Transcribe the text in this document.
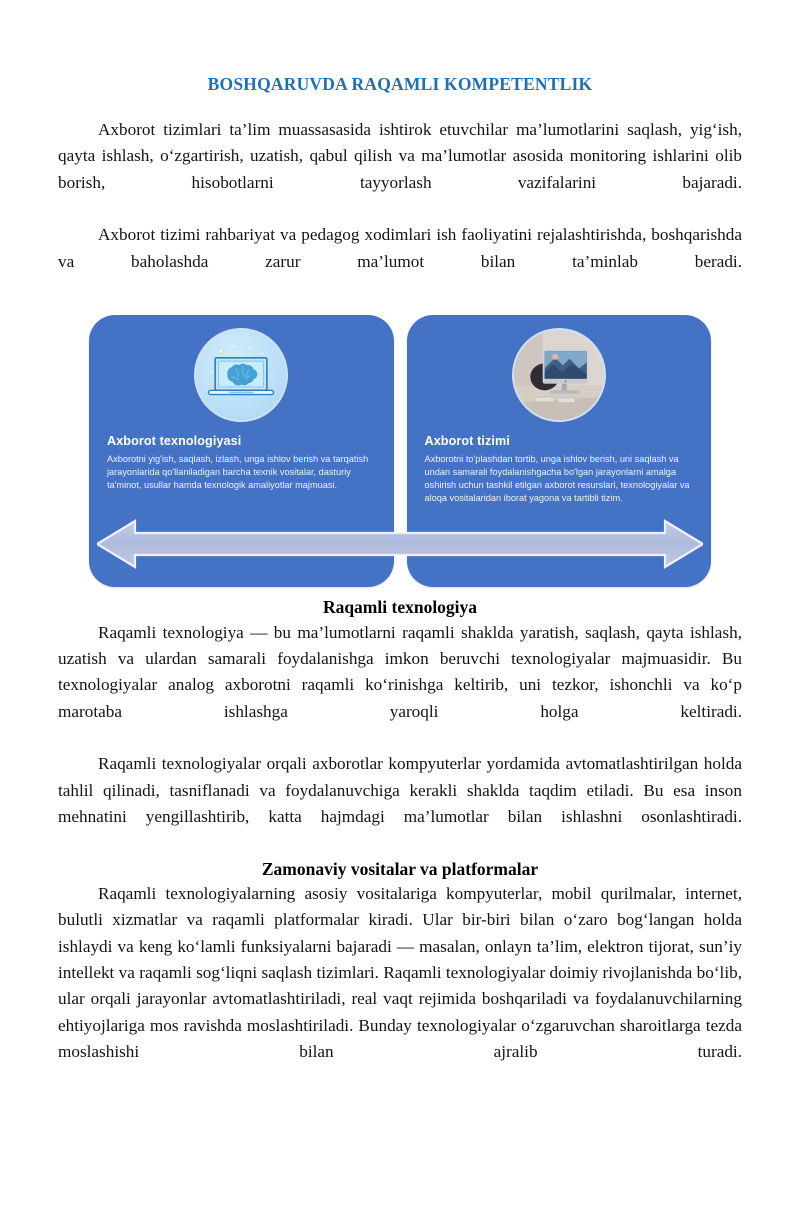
BOSHQARUVDA RAQAMLI KOMPETENTLIK

Axborot tizimlari ta’lim muassasasida ishtirok etuvchilar ma’lumotlarini saqlash, yig‘ish, qayta ishlash, o‘zgartirish, uzatish, qabul qilish va ma’lumotlar asosida monitoring ishlarini olib borish, hisobotlarni tayyorlash vazifalarini bajaradi.

Axborot tizimi rahbariyat va pedagog xodimlari ish faoliyatini rejalashtirishda, boshqarishda va baholashda zarur ma’lumot bilan ta’minlab beradi.

Axborot texnologiyasi
Axborotni yig'ish, saqlash, izlash, unga ishlov berish va tarqatish jarayonlarida qo'llaniladigan barcha texnik vositalar, dasturiy ta'minot, usullar hamda texnologik amaliyotlar majmuasi.
Axborot tizimi
Axborotni to'plashdan tortib, unga ishlov berish, uni saqlash va undan samarali foydalanishgacha bo'lgan jarayonlarni amalga oshirish uchun tashkil etilgan axborot resurslari, texnologiyalar va aloqa vositalaridan iborat yagona va tartibli tizim.
Raqamli texnologiya

Raqamli texnologiya — bu ma’lumotlarni raqamli shaklda yaratish, saqlash, qayta ishlash, uzatish va ulardan samarali foydalanishga imkon beruvchi texnologiyalar majmuasidir. Bu texnologiyalar analog axborotni raqamli ko‘rinishga keltirib, uni tezkor, ishonchli va ko‘p marotaba ishlashga yaroqli holga keltiradi.

Raqamli texnologiyalar orqali axborotlar kompyuterlar yordamida avtomatlashtirilgan holda tahlil qilinadi, tasniflanadi va foydalanuvchiga kerakli shaklda taqdim etiladi. Bu esa inson mehnatini yengillashtirib, katta hajmdagi ma’lumotlar bilan ishlashni osonlashtiradi.

Zamonaviy vositalar va platformalar

Raqamli texnologiyalarning asosiy vositalariga kompyuterlar, mobil qurilmalar, internet, bulutli xizmatlar va raqamli platformalar kiradi. Ular bir-biri bilan o‘zaro bog‘langan holda ishlaydi va keng ko‘lamli funksiyalarni bajaradi — masalan, onlayn ta’lim, elektron tijorat, sun’iy intellekt va raqamli sog‘liqni saqlash tizimlari. Raqamli texnologiyalar doimiy rivojlanishda bo‘lib, ular orqali jarayonlar avtomatlashtiriladi, real vaqt rejimida boshqariladi va foydalanuvchilarning ehtiyojlariga mos ravishda moslashtiriladi. Bunday texnologiyalar o‘zgaruvchan sharoitlarga tezda moslashishi bilan ajralib turadi.
